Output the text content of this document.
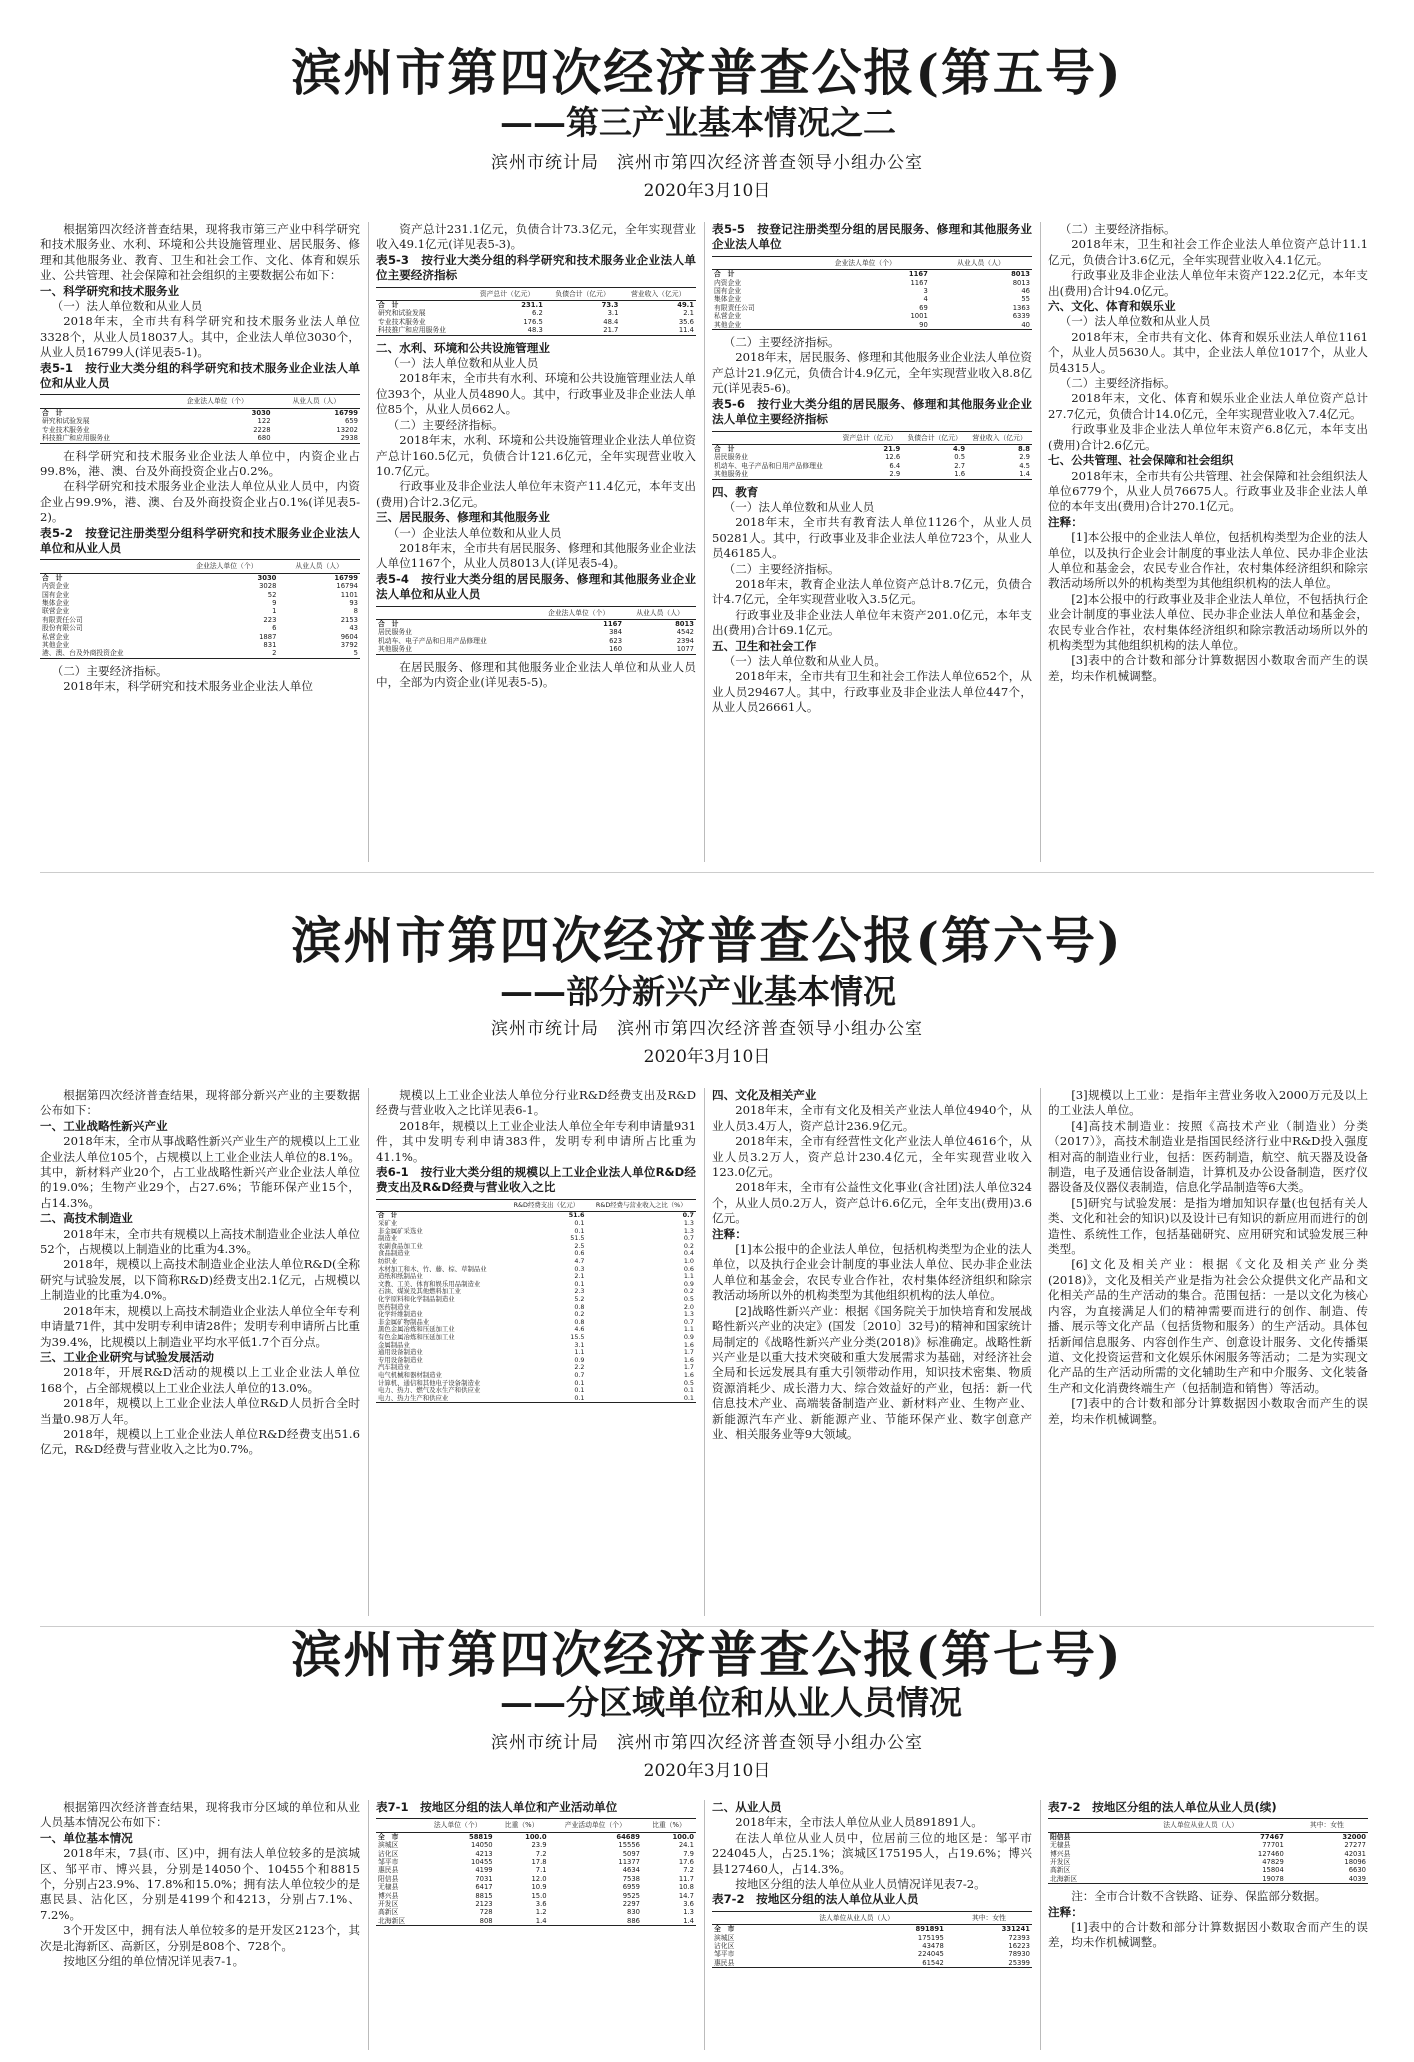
滨州市第四次经济普查公报(第五号)
——第三产业基本情况之二

滨州市统计局　滨州市第四次经济普查领导小组办公室

2020年3月10日

根据第四次经济普查结果，现将我市第三产业中科学研究和技术服务业、水利、环境和公共设施管理业、居民服务、修理和其他服务业、教育、卫生和社会工作、文化、体育和娱乐业、公共管理、社会保障和社会组织的主要数据公布如下：

一、科学研究和技术服务业

（一）法人单位数和从业人员

2018年末，全市共有科学研究和技术服务业法人单位3328个，从业人员18037人。其中，企业法人单位3030个，从业人员16799人(详见表5-1)。

表5-1　按行业大类分组的科学研究和技术服务业企业法人单位和从业人员

	企业法人单位（个）	从业人员（人）
合　计	3030	16799
研究和试验发展	122	659
专业技术服务业	2228	13202
科技推广和应用服务业	680	2938

在科学研究和技术服务业企业法人单位中，内资企业占99.8%，港、澳、台及外商投资企业占0.2%。

在科学研究和技术服务业企业法人单位从业人员中，内资企业占99.9%，港、澳、台及外商投资企业占0.1%(详见表5-2)。

表5-2　按登记注册类型分组科学研究和技术服务业企业法人单位和从业人员

	企业法人单位（个）	从业人员（人）
合　计	3030	16799
内资企业	3028	16794
国有企业	52	1101
集体企业	9	93
联营企业	1	8
有限责任公司	223	2153
股份有限公司	6	43
私营企业	1887	9604
其他企业	831	3792
港、澳、台及外商投资企业	2	5

（二）主要经济指标。

2018年末，科学研究和技术服务业企业法人单位

资产总计231.1亿元，负债合计73.3亿元，全年实现营业收入49.1亿元(详见表5-3)。

表5-3　按行业大类分组的科学研究和技术服务业企业法人单位主要经济指标

	资产总计（亿元）	负债合计（亿元）	营业收入（亿元）
合　计	231.1	73.3	49.1
研究和试验发展	6.2	3.1	2.1
专业技术服务业	176.5	48.4	35.6
科技推广和应用服务业	48.3	21.7	11.4

二、水利、环境和公共设施管理业

（一）法人单位数和从业人员

2018年末，全市共有水利、环境和公共设施管理业法人单位393个，从业人员4890人。其中，行政事业及非企业法人单位85个，从业人员662人。

（二）主要经济指标。

2018年末，水利、环境和公共设施管理业企业法人单位资产总计160.5亿元，负债合计121.6亿元，全年实现营业收入10.7亿元。

行政事业及非企业法人单位年末资产11.4亿元，本年支出(费用)合计2.3亿元。

三、居民服务、修理和其他服务业

（一）企业法人单位数和从业人员

2018年末，全市共有居民服务、修理和其他服务业企业法人单位1167个，从业人员8013人(详见表5-4)。

表5-4　按行业大类分组的居民服务、修理和其他服务业企业法人单位和从业人员

	企业法人单位（个）	从业人员（人）
合　计	1167	8013
居民服务业	384	4542
机动车、电子产品和日用产品修理业	623	2394
其他服务业	160	1077

在居民服务、修理和其他服务业企业法人单位和从业人员中，全部为内资企业(详见表5-5)。

表5-5　按登记注册类型分组的居民服务、修理和其他服务业企业法人单位

	企业法人单位（个）	从业人员（人）
合　计	1167	8013
内资企业	1167	8013
国有企业	3	46
集体企业	4	55
有限责任公司	69	1363
私营企业	1001	6339
其他企业	90	40

（二）主要经济指标。

2018年末，居民服务、修理和其他服务业企业法人单位资产总计21.9亿元，负债合计4.9亿元，全年实现营业收入8.8亿元(详见表5-6)。

表5-6　按行业大类分组的居民服务、修理和其他服务业企业法人单位主要经济指标

	资产总计（亿元）	负债合计（亿元）	营业收入（亿元）
合　计	21.9	4.9	8.8
居民服务业	12.6	0.5	2.9
机动车、电子产品和日用产品修理业	6.4	2.7	4.5
其他服务业	2.9	1.6	1.4

四、教育

（一）法人单位数和从业人员

2018年末，全市共有教育法人单位1126个，从业人员50281人。其中，行政事业及非企业法人单位723个，从业人员46185人。

（二）主要经济指标。

2018年末，教育企业法人单位资产总计8.7亿元，负债合计4.7亿元，全年实现营业收入3.5亿元。

行政事业及非企业法人单位年末资产201.0亿元，本年支出(费用)合计69.1亿元。

五、卫生和社会工作

（一）法人单位数和从业人员。

2018年末，全市共有卫生和社会工作法人单位652个，从业人员29467人。其中，行政事业及非企业法人单位447个，从业人员26661人。

（二）主要经济指标。

2018年末，卫生和社会工作企业法人单位资产总计11.1亿元，负债合计3.6亿元，全年实现营业收入4.1亿元。

行政事业及非企业法人单位年末资产122.2亿元，本年支出(费用)合计94.0亿元。

六、文化、体育和娱乐业

（一）法人单位数和从业人员

2018年末，全市共有文化、体育和娱乐业法人单位1161个，从业人员5630人。其中，企业法人单位1017个，从业人员4315人。

（二）主要经济指标。

2018年末，文化、体育和娱乐业企业法人单位资产总计27.7亿元，负债合计14.0亿元，全年实现营业收入7.4亿元。

行政事业及非企业法人单位年末资产6.8亿元，本年支出(费用)合计2.6亿元。

七、公共管理、社会保障和社会组织

2018年末，全市共有公共管理、社会保障和社会组织法人单位6779个，从业人员76675人。行政事业及非企业法人单位的本年支出(费用)合计270.1亿元。

注释：

[1]本公报中的企业法人单位，包括机构类型为企业的法人单位，以及执行企业会计制度的事业法人单位、民办非企业法人单位和基金会，农民专业合作社，农村集体经济组织和除宗教活动场所以外的机构类型为其他组织机构的法人单位。

[2]本公报中的行政事业及非企业法人单位，不包括执行企业会计制度的事业法人单位、民办非企业法人单位和基金会，农民专业合作社，农村集体经济组织和除宗教活动场所以外的机构类型为其他组织机构的法人单位。

[3]表中的合计数和部分计算数据因小数取舍而产生的误差，均未作机械调整。

滨州市第四次经济普查公报(第六号)
——部分新兴产业基本情况

滨州市统计局　滨州市第四次经济普查领导小组办公室

2020年3月10日

根据第四次经济普查结果，现将部分新兴产业的主要数据公布如下：

一、工业战略性新兴产业

2018年末，全市从事战略性新兴产业生产的规模以上工业企业法人单位105个，占规模以上工业企业法人单位的8.1%。其中，新材料产业20个，占工业战略性新兴产业企业法人单位的19.0%；生物产业29个，占27.6%；节能环保产业15个，占14.3%。

二、高技术制造业

2018年末，全市共有规模以上高技术制造业企业法人单位52个，占规模以上制造业的比重为4.3%。

2018年，规模以上高技术制造业企业法人单位R&D(全称研究与试验发展，以下简称R&D)经费支出2.1亿元，占规模以上制造业的比重为4.0%。

2018年末，规模以上高技术制造业企业法人单位全年专利申请量71件，其中发明专利申请28件；发明专利申请所占比重为39.4%，比规模以上制造业平均水平低1.7个百分点。

三、工业企业研究与试验发展活动

2018年，开展R&D活动的规模以上工业企业法人单位168个，占全部规模以上工业企业法人单位的13.0%。

2018年，规模以上工业企业法人单位R&D人员折合全时当量0.98万人年。

2018年，规模以上工业企业法人单位R&D经费支出51.6亿元，R&D经费与营业收入之比为0.7%。

规模以上工业企业法人单位分行业R&D经费支出及R&D经费与营业收入之比详见表6-1。

2018年，规模以上工业企业法人单位全年专利申请量931件，其中发明专利申请383件，发明专利申请所占比重为41.1%。

表6-1　按行业大类分组的规模以上工业企业法人单位R&D经费支出及R&D经费与营业收入之比

	R&D经费支出（亿元）	R&D经费与营业收入之比（%）
合　计	51.6	0.7
采矿业	0.1	1.3
非金属矿采选业	0.1	1.3
制造业	51.5	0.7
农副食品加工业	2.5	0.2
食品制造业	0.6	0.4
纺织业	4.7	1.0
木材加工和木、竹、藤、棕、草制品业	0.3	0.6
造纸和纸制品业	2.1	1.1
文教、工美、体育和娱乐用品制造业	0.1	0.9
石油、煤炭及其他燃料加工业	2.3	0.2
化学原料和化学制品制造业	5.2	0.5
医药制造业	0.8	2.0
化学纤维制造业	0.2	1.3
非金属矿物制品业	0.8	0.7
黑色金属冶炼和压延加工业	4.6	1.1
有色金属冶炼和压延加工业	15.5	0.9
金属制品业	3.1	1.6
通用设备制造业	1.1	1.7
专用设备制造业	0.9	1.6
汽车制造业	2.2	1.7
电气机械和器材制造业	0.7	1.6
计算机、通信和其他电子设备制造业	0.1	0.5
电力、热力、燃气及水生产和供应业	0.1	0.1
电力、热力生产和供应业	0.1	0.1

四、文化及相关产业

2018年末，全市有文化及相关产业法人单位4940个，从业人员3.4万人，资产总计236.9亿元。

2018年末，全市有经营性文化产业法人单位4616个，从业人员3.2万人，资产总计230.4亿元，全年实现营业收入123.0亿元。

2018年末，全市有公益性文化事业(含社团)法人单位324个，从业人员0.2万人，资产总计6.6亿元，全年支出(费用)3.6亿元。

注释：

[1]本公报中的企业法人单位，包括机构类型为企业的法人单位，以及执行企业会计制度的事业法人单位、民办非企业法人单位和基金会，农民专业合作社，农村集体经济组织和除宗教活动场所以外的机构类型为其他组织机构的法人单位。

[2]战略性新兴产业：根据《国务院关于加快培育和发展战略性新兴产业的决定》(国发〔2010〕32号)的精神和国家统计局制定的《战略性新兴产业分类(2018)》标准确定。战略性新兴产业是以重大技术突破和重大发展需求为基础，对经济社会全局和长远发展具有重大引领带动作用，知识技术密集、物质资源消耗少、成长潜力大、综合效益好的产业，包括：新一代信息技术产业、高端装备制造产业、新材料产业、生物产业、新能源汽车产业、新能源产业、节能环保产业、数字创意产业、相关服务业等9大领域。

[3]规模以上工业：是指年主营业务收入2000万元及以上的工业法人单位。

[4]高技术制造业：按照《高技术产业（制造业）分类（2017）》，高技术制造业是指国民经济行业中R&D投入强度相对高的制造业行业，包括：医药制造，航空、航天器及设备制造，电子及通信设备制造，计算机及办公设备制造，医疗仪器设备及仪器仪表制造，信息化学品制造等6大类。

[5]研究与试验发展：是指为增加知识存量(也包括有关人类、文化和社会的知识)以及设计已有知识的新应用而进行的创造性、系统性工作，包括基础研究、应用研究和试验发展三种类型。

[6]文化及相关产业：根据《文化及相关产业分类(2018)》，文化及相关产业是指为社会公众提供文化产品和文化相关产品的生产活动的集合。范围包括：一是以文化为核心内容，为直接满足人们的精神需要而进行的创作、制造、传播、展示等文化产品（包括货物和服务）的生产活动。具体包括新闻信息服务、内容创作生产、创意设计服务、文化传播渠道、文化投资运营和文化娱乐休闲服务等活动；二是为实现文化产品的生产活动所需的文化辅助生产和中介服务、文化装备生产和文化消费终端生产（包括制造和销售）等活动。

[7]表中的合计数和部分计算数据因小数取舍而产生的误差，均未作机械调整。

滨州市第四次经济普查公报(第七号)
——分区域单位和从业人员情况

滨州市统计局　滨州市第四次经济普查领导小组办公室

2020年3月10日

根据第四次经济普查结果，现将我市分区域的单位和从业人员基本情况公布如下：

一、单位基本情况

2018年末，7县(市、区)中，拥有法人单位较多的是滨城区、邹平市、博兴县，分别是14050个、10455个和8815个，分别占23.9%、17.8%和15.0%；拥有法人单位较少的是惠民县、沾化区，分别是4199个和4213，分别占7.1%、7.2%。

3个开发区中，拥有法人单位较多的是开发区2123个，其次是北海新区、高新区，分别是808个、728个。

按地区分组的单位情况详见表7-1。

表7-1　按地区分组的法人单位和产业活动单位

	法人单位（个）	比重（%）	产业活动单位（个）	比重（%）
全　市	58819	100.0	64689	100.0
滨城区	14050	23.9	15556	24.1
沾化区	4213	7.2	5097	7.9
邹平市	10455	17.8	11377	17.6
惠民县	4199	7.1	4634	7.2
阳信县	7031	12.0	7538	11.7
无棣县	6417	10.9	6959	10.8
博兴县	8815	15.0	9525	14.7
开发区	2123	3.6	2297	3.6
高新区	728	1.2	830	1.3
北海新区	808	1.4	886	1.4

二、从业人员

2018年末，全市法人单位从业人员891891人。

在法人单位从业人员中，位居前三位的地区是：邹平市224045人，占25.1%；滨城区175195人，占19.6%；博兴县127460人，占14.3%。

按地区分组的法人单位从业人员情况详见表7-2。

表7-2　按地区分组的法人单位从业人员

	法人单位从业人员（人）	其中：女性
全　市	891891	331241
滨城区	175195	72393
沾化区	43478	16223
邹平市	224045	78930
惠民县	61542	25399

表7-2　按地区分组的法人单位从业人员(续)

	法人单位从业人员（人）	其中：女性
阳信县	77467	32000
无棣县	77701	27277
博兴县	127460	42031
开发区	47829	18096
高新区	15804	6630
北海新区	19078	4039

注：全市合计数不含铁路、证券、保监部分数据。

注释：

[1]表中的合计数和部分计算数据因小数取舍而产生的误差，均未作机械调整。
